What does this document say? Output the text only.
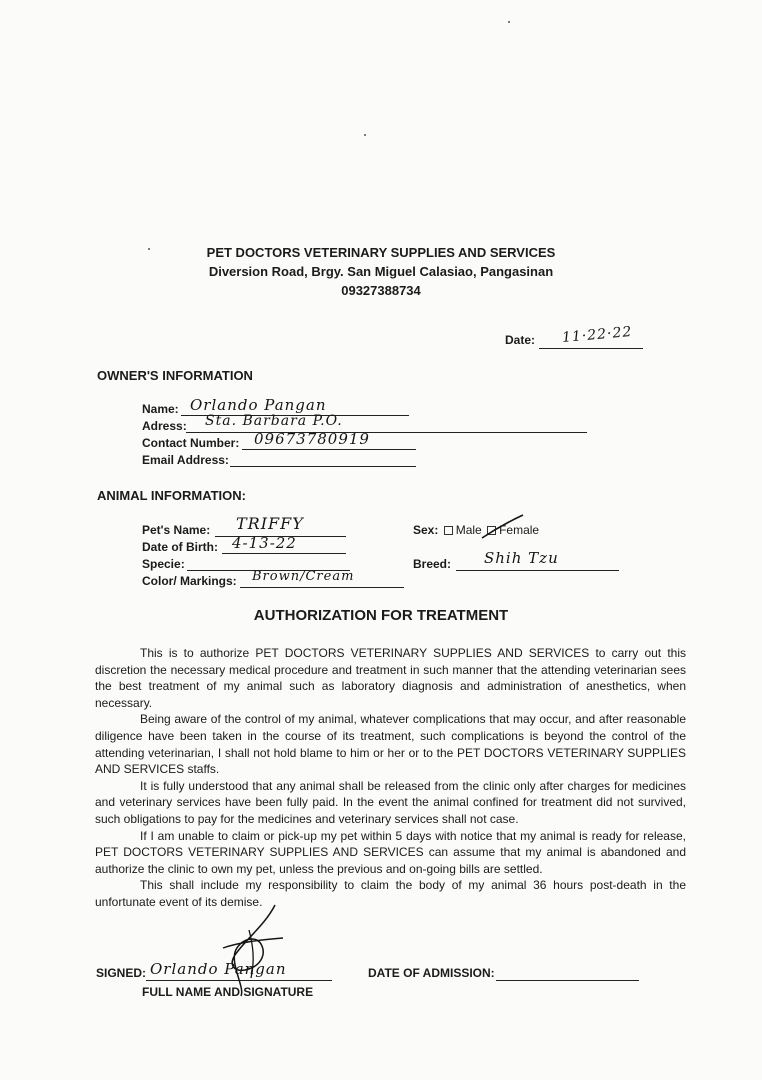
PET DOCTORS VETERINARY SUPPLIES AND SERVICES
Diversion Road, Brgy. San Miguel Calasiao, Pangasinan
09327388734
Date: 11·22·22
OWNER'S INFORMATION
Name: Orlando Pangan
Adress: Sta. Barbara P.O.
Contact Number: 09673780919
Email Address:
ANIMAL INFORMATION:
Pet's Name: TRIFFY
Date of Birth: 4-13-22
Specie:
Color/ Markings: Brown/Cream
Sex: Male Female
Breed: Shih Tzu
AUTHORIZATION FOR TREATMENT

This is to authorize PET DOCTORS VETERINARY SUPPLIES AND SERVICES to carry out this discretion the necessary medical procedure and treatment in such manner that the attending veterinarian sees the best treatment of my animal such as laboratory diagnosis and administration of anesthetics, when necessary.

Being aware of the control of my animal, whatever complications that may occur, and after reasonable diligence have been taken in the course of its treatment, such complications is beyond the control of the attending veterinarian, I shall not hold blame to him or her or to the PET DOCTORS VETERINARY SUPPLIES AND SERVICES staffs.

It is fully understood that any animal shall be released from the clinic only after charges for medicines and veterinary services have been fully paid. In the event the animal confined for treatment did not survived, such obligations to pay for the medicines and veterinary services shall not case.

If I am unable to claim or pick-up my pet within 5 days with notice that my animal is ready for release, PET DOCTORS VETERINARY SUPPLIES AND SERVICES can assume that my animal is abandoned and authorize the clinic to own my pet, unless the previous and on-going bills are settled.

This shall include my responsibility to claim the body of my animal 36 hours post-death in the unfortunate event of its demise.

SIGNED: Orlando Pangan
FULL NAME AND SIGNATURE
DATE OF ADMISSION:
